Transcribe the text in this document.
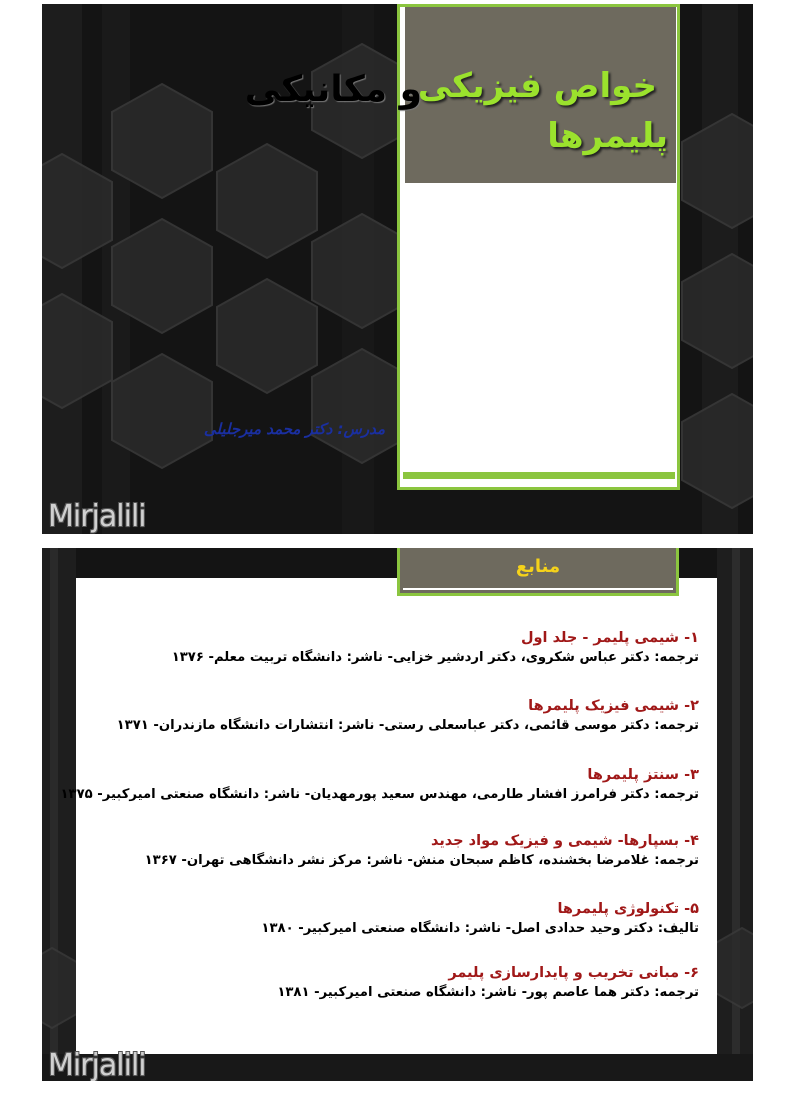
خواص فیزیکی
پلیمرها
و مکانیکی
مدرس: دکتر محمد میرجلیلی
Mirjalili
۱- شیمی پلیمر - جلد اول
ترجمه: دکتر عباس شکروی، دکتر اردشیر خزایی- ناشر: دانشگاه تربیت معلم- ۱۳۷۶
۲- شیمی فیزیک پلیمرها
ترجمه: دکتر موسی قائمی، دکتر عباسعلی رستی- ناشر: انتشارات دانشگاه مازندران- ۱۳۷۱
۳- سنتز پلیمرها
ترجمه: دکتر فرامرز افشار طارمی، مهندس سعید پورمهدیان- ناشر: دانشگاه صنعتی امیرکبیر- ۱۳۷۵
۴- بسپارها- شیمی و فیزیک مواد جدید
ترجمه: غلامرضا بخشنده، کاظم سبحان منش- ناشر: مرکز نشر دانشگاهی تهران- ۱۳۶۷
۵- تکنولوژی پلیمرها
تالیف: دکتر وحید حدادی اصل- ناشر: دانشگاه صنعتی امیرکبیر- ۱۳۸۰
۶- مبانی تخریب و پایدارسازی پلیمر
ترجمه: دکتر هما عاصم پور- ناشر: دانشگاه صنعتی امیرکبیر- ۱۳۸۱
منابع
Mirjalili
